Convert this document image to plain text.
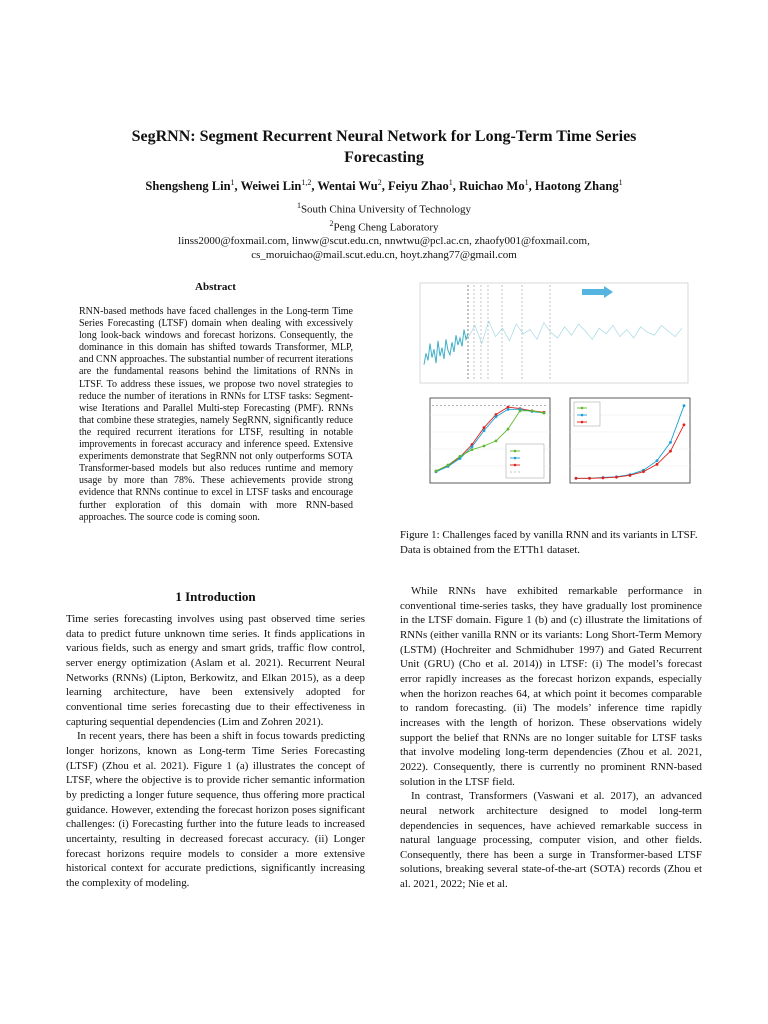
SegRNN: Segment Recurrent Neural Network for Long-Term Time Series
Forecasting
Shengsheng Lin$^1$, Weiwei Lin$^{1,2}$, Wentai Wu$^2$, Feiyu Zhao$^1$, Ruichao Mo$^1$, Haotong Zhang$^1$
$^1$South China University of Technology
$^2$Peng Cheng Laboratory
linss2000@foxmail.com, linww@scut.edu.cn, nnwtwu@pcl.ac.cn, zhaofy001@foxmail.com,
cs_moruichao@mail.scut.edu.cn, hoyt.zhang77@gmail.com
Abstract
RNN-based methods have faced challenges in the Long-term Time Series Forecasting (LTSF) domain when dealing with excessively long look-back windows and forecast horizons. Consequently, the dominance in this domain has shifted towards Transformer, MLP, and CNN approaches. The substantial number of recurrent iterations are the fundamental reasons behind the limitations of RNNs in LTSF. To address these issues, we propose two novel strategies to reduce the number of iterations in RNNs for LTSF tasks: Segment-wise Iterations and Parallel Multi-step Forecasting (PMF). RNNs that combine these strategies, namely SegRNN, significantly reduce the required recurrent iterations for LTSF, resulting in notable improvements in forecast accuracy and inference speed. Extensive experiments demonstrate that SegRNN not only outperforms SOTA Transformer-based models but also reduces runtime and memory usage by more than 78%. These achievements provide strong evidence that RNNs continue to excel in LTSF tasks and encourage further exploration of this domain with more RNN-based approaches. The source code is coming soon.
1 Introduction

Time series forecasting involves using past observed time series data to predict future unknown time series. It finds applications in various fields, such as energy and smart grids, traffic flow control, server energy optimization (Aslam et al. 2021). Recurrent Neural Networks (RNNs) (Lipton, Berkowitz, and Elkan 2015), as a deep learning architecture, have been extensively adopted for conventional time series forecasting due to their effectiveness in capturing sequential dependencies (Lim and Zohren 2021).

In recent years, there has been a shift in focus towards predicting longer horizons, known as Long-term Time Series Forecasting (LTSF) (Zhou et al. 2021). Figure 1 (a) illustrates the concept of LTSF, where the objective is to provide richer semantic information by predicting a longer future sequence, thus offering more practical guidance. However, extending the forecast horizon poses significant challenges: (i) Forecasting further into the future leads to increased uncertainty, resulting in decreased forecast accuracy. (ii) Longer forecast horizons require models to consider a more extensive historical context for accurate predictions, significantly increasing the complexity of modeling.

While RNNs have exhibited remarkable performance in conventional time-series tasks, they have gradually lost prominence in the LTSF domain. Figure 1 (b) and (c) illustrate the limitations of RNNs (either vanilla RNN or its variants: Long Short-Term Memory (LSTM) (Hochreiter and Schmidhuber 1997) and Gated Recurrent Unit (GRU) (Cho et al. 2014)) in LTSF: (i) The model’s forecast error rapidly increases as the forecast horizon expands, especially when the horizon reaches 64, at which point it becomes comparable to random forecasting. (ii) The models’ inference time rapidly increases with the length of horizon. These observations widely support the belief that RNNs are no longer suitable for LTSF tasks that involve modeling long-term dependencies (Zhou et al. 2021, 2022). Consequently, there is currently no prominent RNN-based solution in the LTSF field.

In contrast, Transformers (Vaswani et al. 2017), an advanced neural network architecture designed to model long-term dependencies in sequences, have achieved remarkable success in natural language processing, computer vision, and other fields. Consequently, there has been a surge in Transformer-based LTSF solutions, breaking several state-of-the-art (SOTA) records (Zhou et al. 2021, 2022; Nie et al.

Figure 1: Challenges faced by vanilla RNN and its variants in LTSF. Data is obtained from the ETTh1 dataset.
